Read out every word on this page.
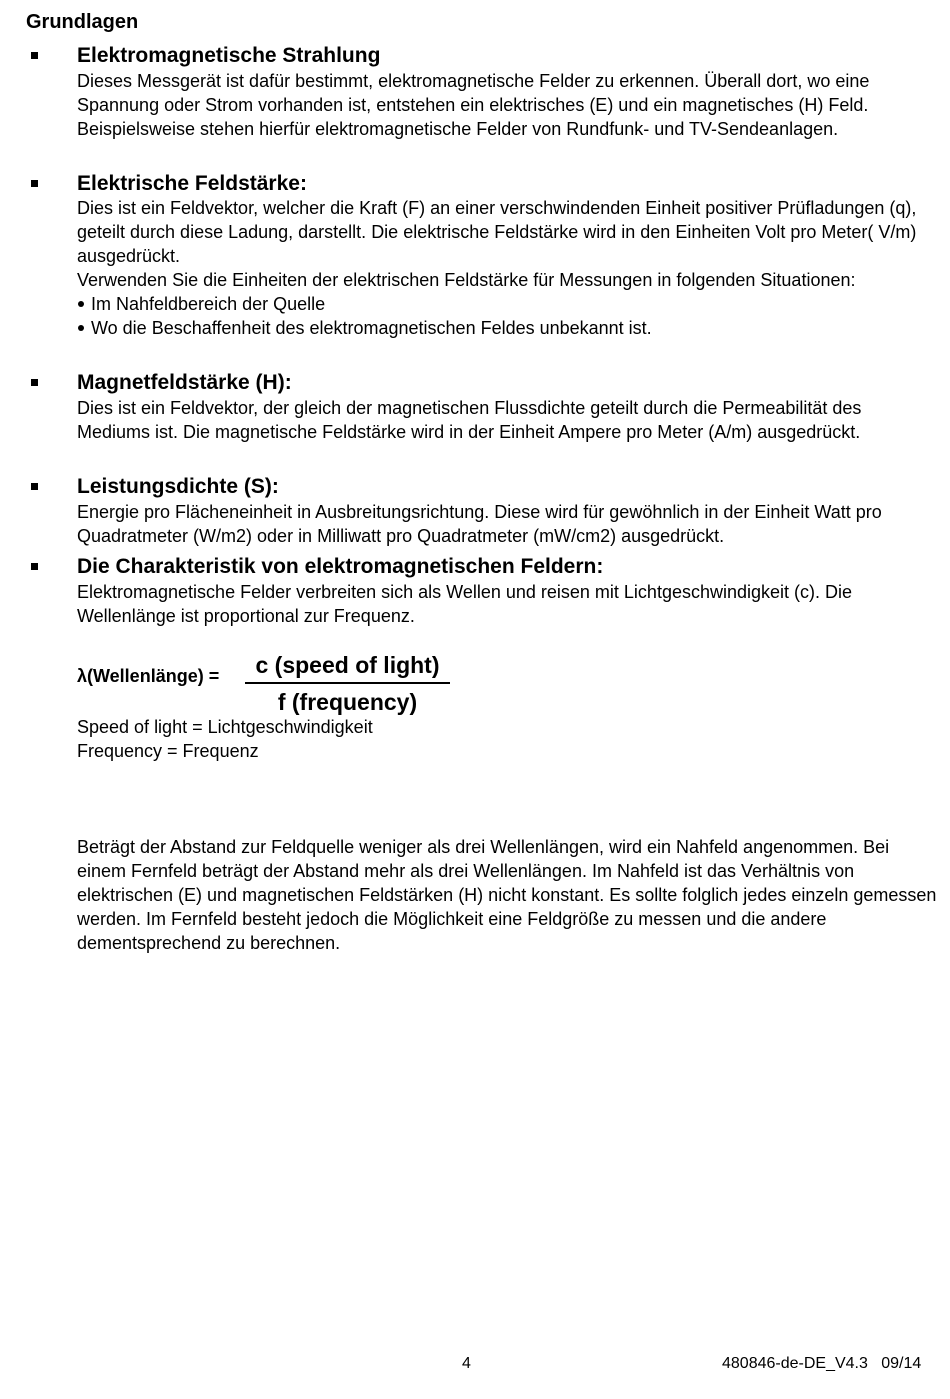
Grundlagen
Elektromagnetische Strahlung

Dieses Messgerät ist dafür bestimmt, elektromagnetische Felder zu erkennen. Überall dort, wo eine Spannung oder Strom vorhanden ist, entstehen ein elektrisches (E) und ein magnetisches (H) Feld. Beispielsweise stehen hierfür elektromagnetische Felder von Rundfunk- und TV-Sendeanlagen.

Elektrische Feldstärke:

Dies ist ein Feldvektor, welcher die Kraft (F) an einer verschwindenden Einheit positiver Prüfladungen (q), geteilt durch diese Ladung, darstellt. Die elektrische Feldstärke wird in den Einheiten Volt pro Meter( V/m) ausgedrückt.

Verwenden Sie die Einheiten der elektrischen Feldstärke für Messungen in folgenden Situationen:

Im Nahfeldbereich der Quelle

Wo die Beschaffenheit des elektromagnetischen Feldes unbekannt ist.

Magnetfeldstärke (H):

Dies ist ein Feldvektor, der gleich der magnetischen Flussdichte geteilt durch die Permeabilität des Mediums ist. Die magnetische Feldstärke wird in der Einheit Ampere pro Meter (A/m) ausgedrückt.

Leistungsdichte (S):

Energie pro Flächeneinheit in Ausbreitungsrichtung. Diese wird für gewöhnlich in der Einheit Watt pro Quadratmeter (W/m2) oder in Milliwatt pro Quadratmeter (mW/cm2) ausgedrückt.

Die Charakteristik von elektromagnetischen Feldern:

Elektromagnetische Felder verbreiten sich als Wellen und reisen mit Lichtgeschwindigkeit (c). Die Wellenlänge ist proportional zur Frequenz.

λ(Wellenlänge) =	c (speed of light)
f (frequency)
Speed of light = Lichtgeschwindigkeit
Frequency = Frequenz
Beträgt der Abstand zur Feldquelle weniger als drei Wellenlängen, wird ein Nahfeld angenommen. Bei einem Fernfeld beträgt der Abstand mehr als drei Wellenlängen. Im Nahfeld ist das Verhältnis von elektrischen (E) und magnetischen Feldstärken (H) nicht konstant. Es sollte folglich jedes einzeln gemessen werden. Im Fernfeld besteht jedoch die Möglichkeit eine Feldgröße zu messen und die andere dementsprechend zu berechnen.
4	480846-de-DE_V4.3   09/14
